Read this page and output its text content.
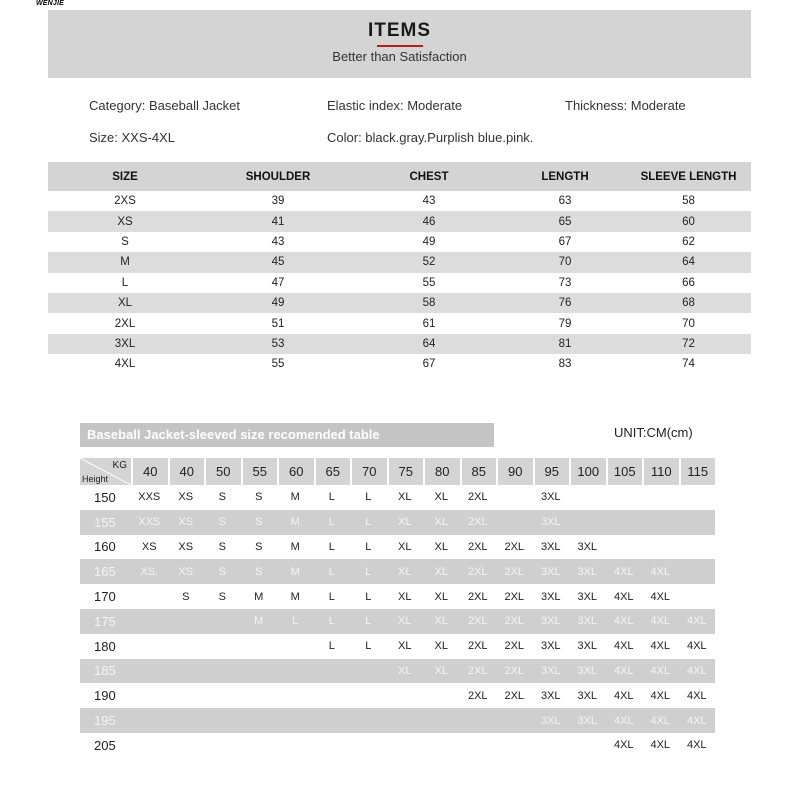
WENJIE
ITEMS
Better than Satisfaction
Category: Baseball Jacket	Elastic index: Moderate	Thickness: Moderate
Size: XXS-4XL	Color: black.gray.Purplish blue.pink.
SIZE	SHOULDER	CHEST	LENGTH	SLEEVE LENGTH
2XS	39	43	63	58
XS	41	46	65	60
S	43	49	67	62
M	45	52	70	64
L	47	55	73	66
XL	49	58	76	68
2XL	51	61	79	70
3XL	53	64	81	72
4XL	55	67	83	74
Baseball Jacket-sleeved size recomended table	UNIT:CM(cm)
KG
Height	40	40	50	55	60	65	70	75	80	85	90	95	100	105	110	115
150	XXS	XS	S	S	M	L	L	XL	XL	2XL		3XL				
155	XXS	XS	S	S	M	L	L	XL	XL	2XL		3XL				
160	XS	XS	S	S	M	L	L	XL	XL	2XL	2XL	3XL	3XL			
165	XS.	XS	S	S	M	L	L	XL	XL	2XL	2XL	3XL	3XL	4XL	4XL	
170		S	S	M	M	L	L	XL	XL	2XL	2XL	3XL	3XL	4XL	4XL	
175				M	L	L	L	XL	XL	2XL	2XL	3XL	3XL	4XL	4XL	4XL
180						L	L	XL	XL	2XL	2XL	3XL	3XL	4XL	4XL	4XL
185								XL	XL	2XL	2XL	3XL	3XL	4XL	4XL	4XL
190										2XL	2XL	3XL	3XL	4XL	4XL	4XL
195												3XL	3XL	4XL	4XL	4XL
205														4XL	4XL	4XL
